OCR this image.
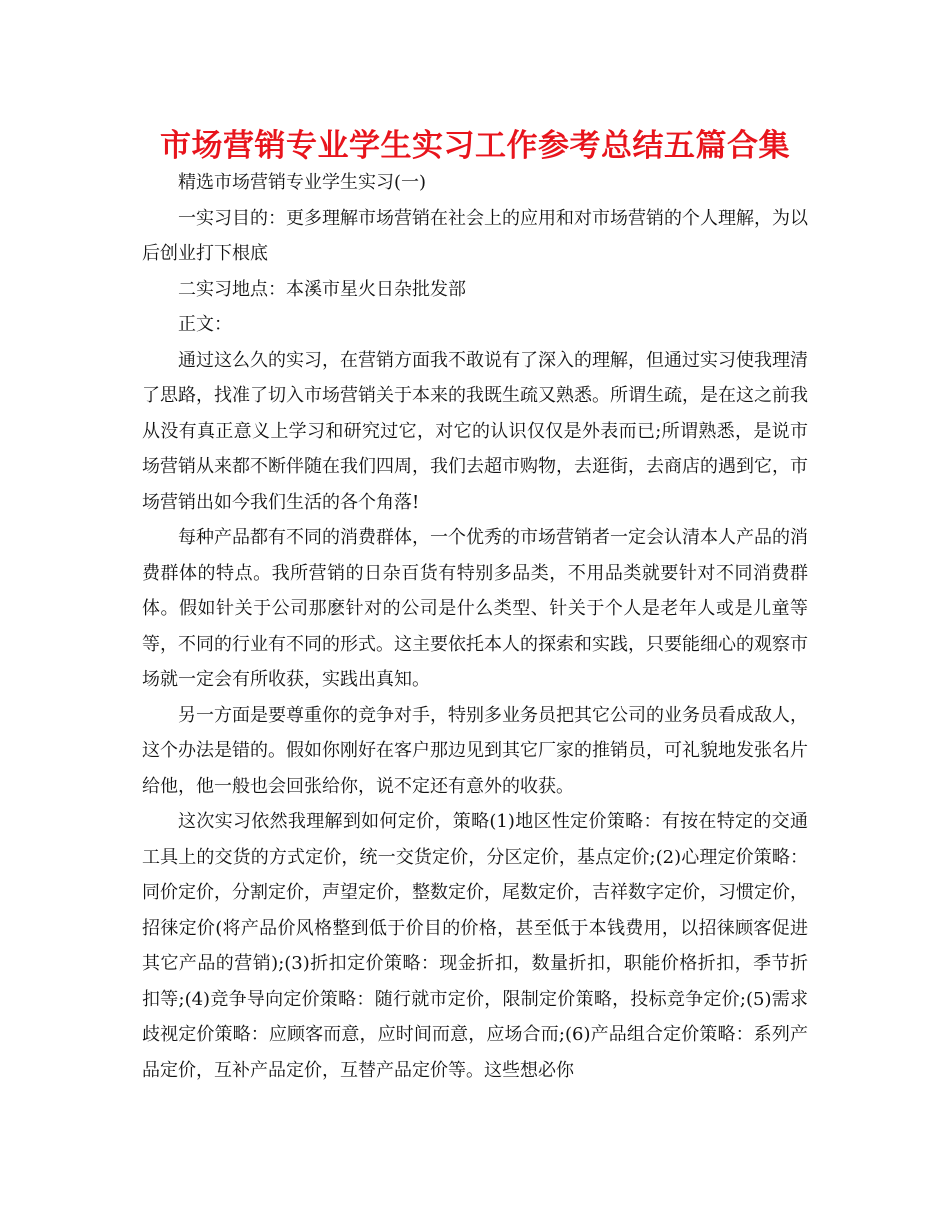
市场营销专业学生实习工作参考总结五篇合集

精选市场营销专业学生实习(一)

一实习目的：更多理解市场营销在社会上的应用和对市场营销的个人理解，为以后创业打下根底

二实习地点：本溪市星火日杂批发部

正文：

通过这么久的实习，在营销方面我不敢说有了深入的理解，但通过实习使我理清了思路，找准了切入市场营销关于本来的我既生疏又熟悉。所谓生疏，是在这之前我从没有真正意义上学习和研究过它，对它的认识仅仅是外表而已;所谓熟悉，是说市场营销从来都不断伴随在我们四周，我们去超市购物，去逛街，去商店的遇到它，市场营销出如今我们生活的各个角落!

每种产品都有不同的消费群体，一个优秀的市场营销者一定会认清本人产品的消费群体的特点。我所营销的日杂百货有特别多品类，不用品类就要针对不同消费群体。假如针关于公司那麽针对的公司是什么类型、针关于个人是老年人或是儿童等等，不同的行业有不同的形式。这主要依托本人的探索和实践，只要能细心的观察市场就一定会有所收获，实践出真知。

另一方面是要尊重你的竞争对手，特别多业务员把其它公司的业务员看成敌人，这个办法是错的。假如你刚好在客户那边见到其它厂家的推销员，可礼貌地发张名片给他，他一般也会回张给你，说不定还有意外的收获。

这次实习依然我理解到如何定价，策略(1)地区性定价策略：有按在特定的交通工具上的交货的方式定价，统一交货定价，分区定价，基点定价;(2)心理定价策略：同价定价，分割定价，声望定价，整数定价，尾数定价，吉祥数字定价，习惯定价，招徕定价(将产品价风格整到低于价目的价格，甚至低于本钱费用，以招徕顾客促进其它产品的营销);(3)折扣定价策略：现金折扣，数量折扣，职能价格折扣，季节折扣等;(4)竞争导向定价策略：随行就市定价，限制定价策略，投标竞争定价;(5)需求歧视定价策略：应顾客而意，应时间而意，应场合而;(6)产品组合定价策略：系列产品定价，互补产品定价，互替产品定价等。这些想必你
